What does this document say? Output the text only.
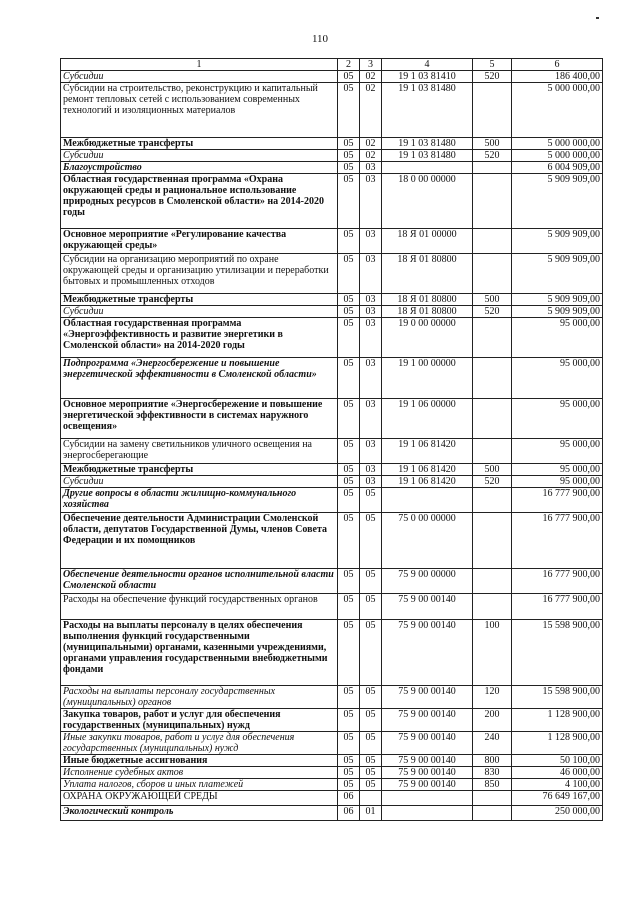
110
1	2	3	4	5	6
Субсидии	05	02	19 1 03 81410	520	186 400,00
Субсидии на строительство, реконструкцию и капитальный ремонт тепловых сетей с использованием современных технологий и изоляционных материалов	05	02	19 1 03 81480		5 000 000,00
Межбюджетные трансферты	05	02	19 1 03 81480	500	5 000 000,00
Субсидии	05	02	19 1 03 81480	520	5 000 000,00
Благоустройство	05	03			6 004 909,00
Областная государственная программа «Охрана окружающей среды и рациональное использование природных ресурсов в Смоленской области» на 2014-2020 годы	05	03	18 0 00 00000		5 909 909,00
Основное мероприятие «Регулирование качества окружающей среды»	05	03	18 Я 01 00000		5 909 909,00
Субсидии на организацию мероприятий по охране окружающей среды и организацию утилизации и переработки бытовых и промышленных отходов	05	03	18 Я 01 80800		5 909 909,00
Межбюджетные трансферты	05	03	18 Я 01 80800	500	5 909 909,00
Субсидии	05	03	18 Я 01 80800	520	5 909 909,00
Областная государственная программа «Энергоэффективность и развитие энергетики в Смоленской области» на 2014-2020 годы	05	03	19 0 00 00000		95 000,00
Подпрограмма «Энергосбережение и повышение энергетической эффективности в Смоленской области»	05	03	19 1 00 00000		95 000,00
Основное мероприятие «Энергосбережение и повышение энергетической эффективности в системах наружного освещения»	05	03	19 1 06 00000		95 000,00
Субсидии на замену светильников уличного освещения на энергосберегающие	05	03	19 1 06 81420		95 000,00
Межбюджетные трансферты	05	03	19 1 06 81420	500	95 000,00
Субсидии	05	03	19 1 06 81420	520	95 000,00
Другие вопросы в области жилищно-коммунального хозяйства	05	05			16 777 900,00
Обеспечение деятельности Администрации Смоленской области, депутатов Государственной Думы, членов Совета Федерации и их помощников	05	05	75 0 00 00000		16 777 900,00
Обеспечение деятельности органов исполнительной власти Смоленской области	05	05	75 9 00 00000		16 777 900,00
Расходы на обеспечение функций государственных органов	05	05	75 9 00 00140		16 777 900,00
Расходы на выплаты персоналу в целях обеспечения выполнения функций государственными (муниципальными) органами, казенными учреждениями, органами управления государственными внебюджетными фондами	05	05	75 9 00 00140	100	15 598 900,00
Расходы на выплаты персоналу государственных (муниципальных) органов	05	05	75 9 00 00140	120	15 598 900,00
Закупка товаров, работ и услуг для обеспечения государственных (муниципальных) нужд	05	05	75 9 00 00140	200	1 128 900,00
Иные закупки товаров, работ и услуг для обеспечения государственных (муниципальных) нужд	05	05	75 9 00 00140	240	1 128 900,00
Иные бюджетные ассигнования	05	05	75 9 00 00140	800	50 100,00
Исполнение судебных актов	05	05	75 9 00 00140	830	46 000,00
Уплата налогов, сборов и иных платежей	05	05	75 9 00 00140	850	4 100,00
ОХРАНА ОКРУЖАЮЩЕЙ СРЕДЫ	06				76 649 167,00
Экологический контроль	06	01			250 000,00
